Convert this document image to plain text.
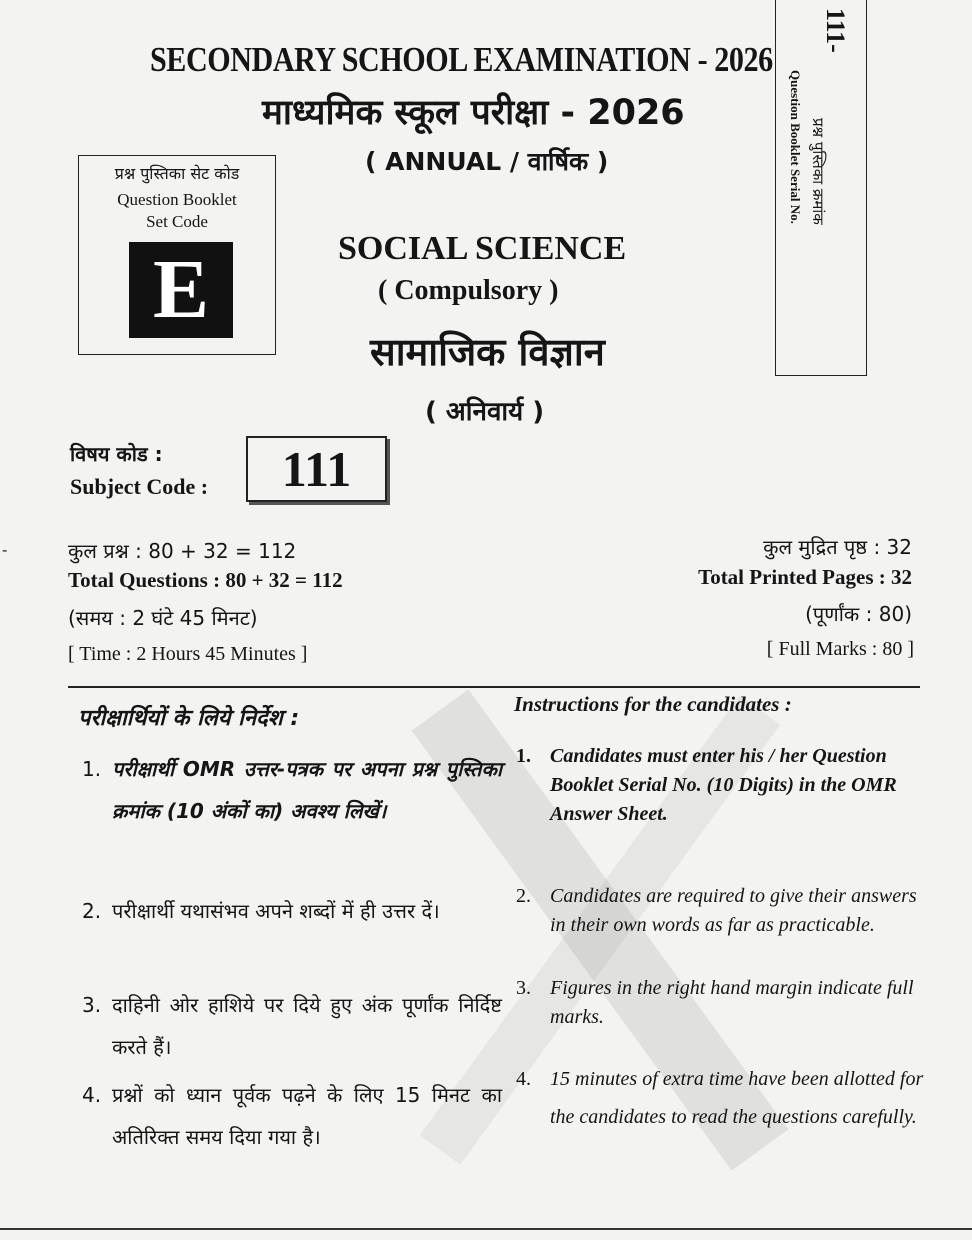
SECONDARY SCHOOL EXAMINATION - 2026
माध्यमिक स्कूल परीक्षा - 2026
( ANNUAL / वार्षिक )
प्रश्न पुस्तिका सेट कोड
Question Booklet
Set Code
E	SOCIAL SCIENCE
( Compulsory )
सामाजिक विज्ञान
( अनिवार्य )
111-
Question Booklet Serial No. प्रश्न पुस्तिका क्रमांक
विषय कोड :
Subject Code :	111
-	कुल प्रश्न : 80 + 32 = 112
Total Questions : 80 + 32 = 112
(समय : 2 घंटे 45 मिनट)
[ Time : 2 Hours 45 Minutes ]
कुल मुद्रित पृष्ठ : 32
Total Printed Pages : 32
(पूर्णांक : 80)
[ Full Marks : 80 ]
परीक्षार्थियों के लिये निर्देश :
1. परीक्षार्थी OMR उत्तर-पत्रक पर अपना प्रश्न पुस्तिका क्रमांक (10 अंकों का) अवश्य लिखें।
2. परीक्षार्थी यथासंभव अपने शब्दों में ही उत्तर दें।
3. दाहिनी ओर हाशिये पर दिये हुए अंक पूर्णांक निर्दिष्ट करते हैं।
4. प्रश्नों को ध्यान पूर्वक पढ़ने के लिए 15 मिनट का अतिरिक्त समय दिया गया है।
Instructions for the candidates :
1. Candidates must enter his / her Question Booklet Serial No. (10 Digits) in the OMR Answer Sheet.
2. Candidates are required to give their answers in their own words as far as practicable.
3. Figures in the right hand margin indicate full marks.
4. 15 minutes of extra time have been allotted for the candidates to read the questions carefully.
